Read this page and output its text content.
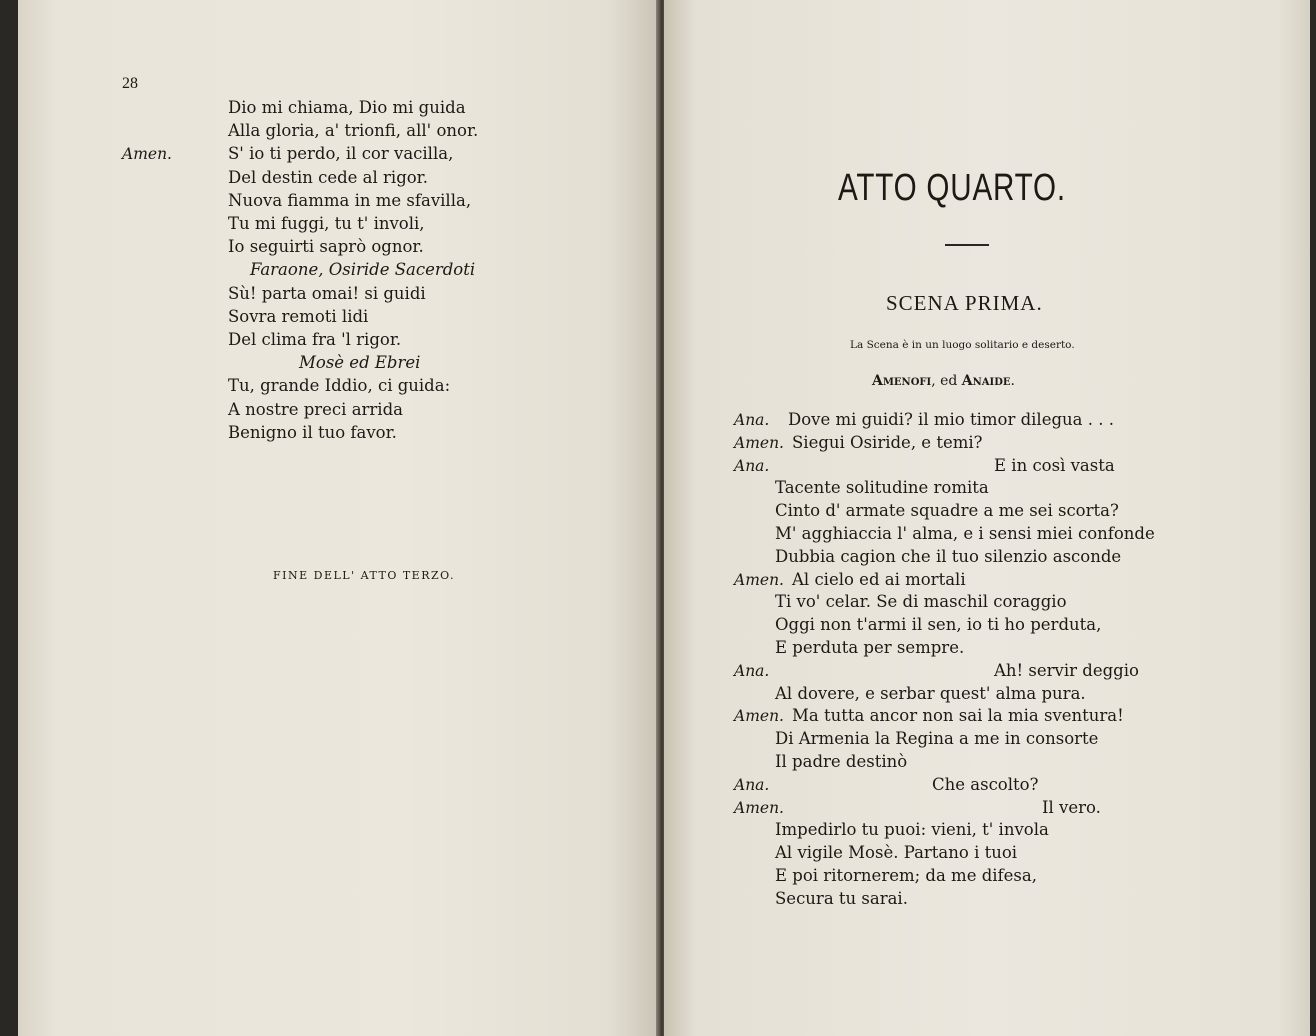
28
Dio mi chiama, Dio mi guida
Alla gloria, a' trionfi, all' onor.
Amen.	S' io ti perdo, il cor vacilla,
Del destin cede al rigor.
Nuova fiamma in me sfavilla,
Tu mi fuggi, tu t' involi,
Io seguirti saprò ognor.
Faraone, Osiride Sacerdoti
Sù! parta omai! si guidi
Sovra remoti lidi
Del clima fra 'l rigor.
Mosè ed Ebrei
Tu, grande Iddio, ci guida:
A nostre preci arrida
Benigno il tuo favor.
FINE DELL' ATTO TERZO.
ATTO QUARTO.
SCENA PRIMA.
La Scena è in un luogo solitario e deserto.
Amenofi, ed Anaide.
Ana. Dove mi guidi? il mio timor dilegua . . .
Amen. Siegui Osiride, e temi?
Ana.	E in così vasta
Tacente solitudine romita
Cinto d' armate squadre a me sei scorta?
M' agghiaccia l' alma, e i sensi miei confonde
Dubbia cagion che il tuo silenzio asconde
Amen. Al cielo ed ai mortali
Ti vo' celar. Se di maschil coraggio
Oggi non t'armi il sen, io ti ho perduta,
E perduta per sempre.
Ana.	Ah! servir deggio
Al dovere, e serbar quest' alma pura.
Amen. Ma tutta ancor non sai la mia sventura!
Di Armenia la Regina a me in consorte
Il padre destinò
Ana.	Che ascolto?
Amen.	Il vero.
Impedirlo tu puoi: vieni, t' invola
Al vigile Mosè. Partano i tuoi
E poi ritornerem; da me difesa,
Secura tu sarai.
